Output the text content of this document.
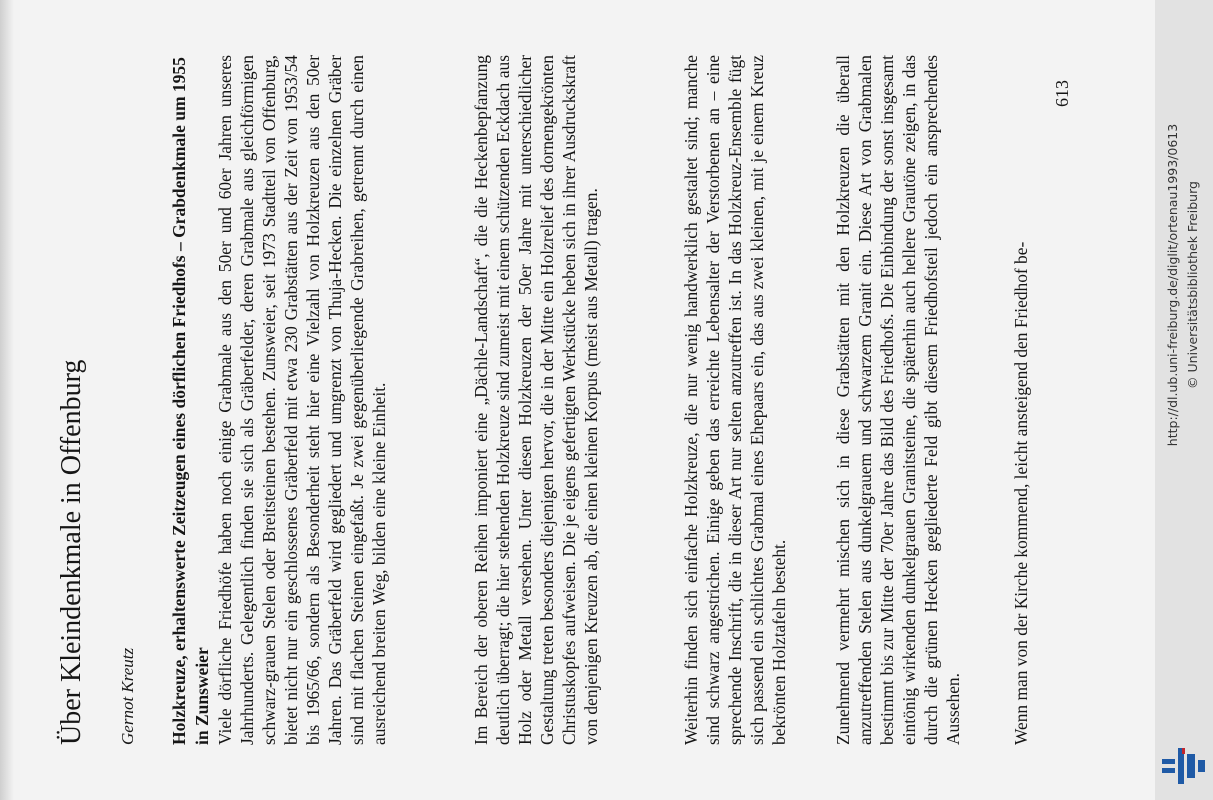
Über Kleindenkmale in Offenburg Gernot Kreutz Holzkreuze, erhaltenswerte Zeitzeugen eines dörflichen Friedhofs – Grabdenkmale um 1955 in Zunsweier Viele dörfliche Friedhöfe haben noch einige Grabmale aus den 50er und 60er Jahren unseres Jahrhunderts. Gelegentlich finden sie sich als Gräberfelder, deren Grabmale aus gleichförmigen schwarz-grauen Stelen oder Breitsteinen bestehen. Zunsweier, seit 1973 Stadtteil von Offenburg, bietet nicht nur ein geschlossenes Gräberfeld mit etwa 230 Grabstätten aus der Zeit von 1953/54 bis 1965/66, sondern als Besonderheit steht hier eine Vielzahl von Holzkreuzen aus den 50er Jahren. Das Gräberfeld wird gegliedert und umgrenzt von Thuja-Hecken. Die einzelnen Gräber sind mit flachen Steinen eingefaßt. Je zwei gegenüberliegende Grabreihen, getrennt durch einen ausreichend breiten Weg, bilden eine kleine Einheit.	Im Bereich der oberen Reihen imponiert eine „Dächle-Landschaft“, die die Heckenbepfanzung deutlich überragt; die hier stehenden Holzkreuze sind zumeist mit einem schützenden Eckdach aus Holz oder Metall versehen. Unter diesen Holzkreuzen der 50er Jahre mit unterschiedlicher Gestaltung treten besonders diejenigen hervor, die in der Mitte ein Holzrelief des dornengekrönten Christuskopfes aufweisen. Die je eigens gefertigten Werkstücke heben sich in ihrer Ausdruckskraft von denjenigen Kreuzen ab, die einen kleinen Korpus (meist aus Metall) tragen.	Weiterhin finden sich einfache Holzkreuze, die nur wenig handwerklich gestaltet sind; manche sind schwarz angestrichen. Einige geben das erreichte Lebensalter der Verstorbenen an – eine sprechende Inschrift, die in dieser Art nur selten anzutreffen ist. In das Holzkreuz-Ensemble fügt sich passend ein schlichtes Grabmal eines Ehepaars ein, das aus zwei kleinen, mit je einem Kreuz bekrönten Holztafeln besteht.	Zunehmend vermehrt mischen sich in diese Grabstätten mit den Holzkreuzen die überall anzutreffenden Stelen aus dunkelgrauem und schwarzem Granit ein. Diese Art von Grabmalen bestimmt bis zur Mitte der 70er Jahre das Bild des Friedhofs. Die Einbindung der sonst insgesamt eintönig wirkenden dunkelgrauen Granitsteine, die späterhin auch hellere Grautöne zeigen, in das durch die grünen Hecken gegliederte Feld gibt diesem Friedhofsteil jedoch ein ansprechendes Aussehen.	Wenn man von der Kirche kommend, leicht ansteigend den Friedhof be-

613
http://dl.ub.uni-freiburg.de/diglit/ortenau1993/0613 © Universitätsbibliothek Freiburg
